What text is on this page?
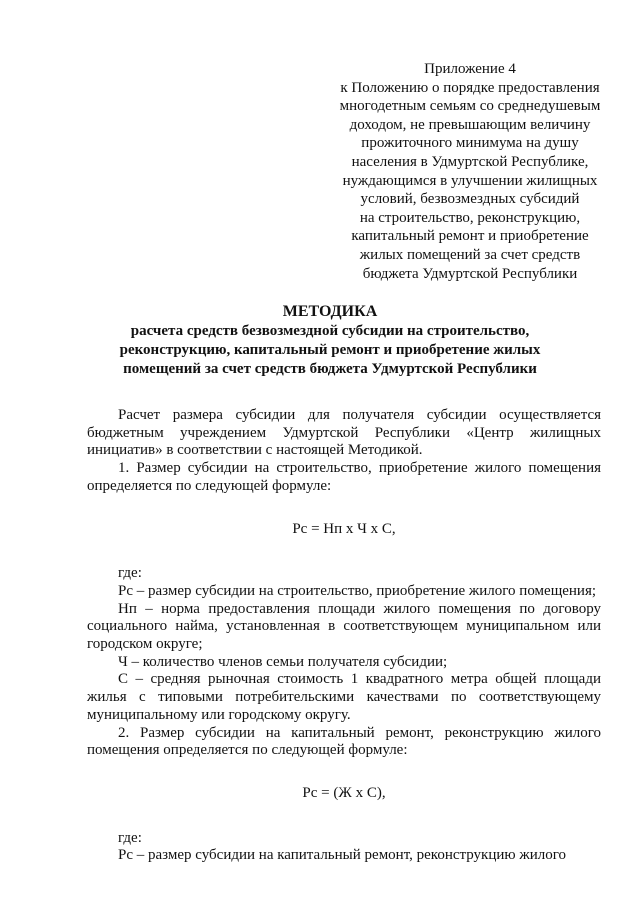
Приложение 4
к Положению о порядке предоставления
многодетным семьям со среднедушевым
доходом, не превышающим величину
прожиточного минимума на душу
населения в Удмуртской Республике,
нуждающимся в улучшении жилищных
условий, безвозмездных субсидий
на строительство, реконструкцию,
капитальный ремонт и приобретение
жилых помещений за счет средств
бюджета Удмуртской Республики
МЕТОДИКА
расчета средств безвозмездной субсидии на строительство,
реконструкцию, капитальный ремонт и приобретение жилых
помещений за счет средств бюджета Удмуртской Республики

Расчет размера субсидии для получателя субсидии осуществляется бюджетным учреждением Удмуртской Республики «Центр жилищных инициатив» в соответствии с настоящей Методикой.

1. Размер субсидии на строительство, приобретение жилого помещения определяется по следующей формуле:

Рс = Нп х Ч х С,

где:

Рс – размер субсидии на строительство, приобретение жилого помещения;

Нп – норма предоставления площади жилого помещения по договору социального найма, установленная в соответствующем муниципальном или городском округе;

Ч – количество членов семьи получателя субсидии;

С – средняя рыночная стоимость 1 квадратного метра общей площади жилья с типовыми потребительскими качествами по соответствующему муниципальному или городскому округу.

2. Размер субсидии на капитальный ремонт, реконструкцию жилого помещения определяется по следующей формуле:

Рс = (Ж х С),

где:

Рс – размер субсидии на капитальный ремонт, реконструкцию жилого
